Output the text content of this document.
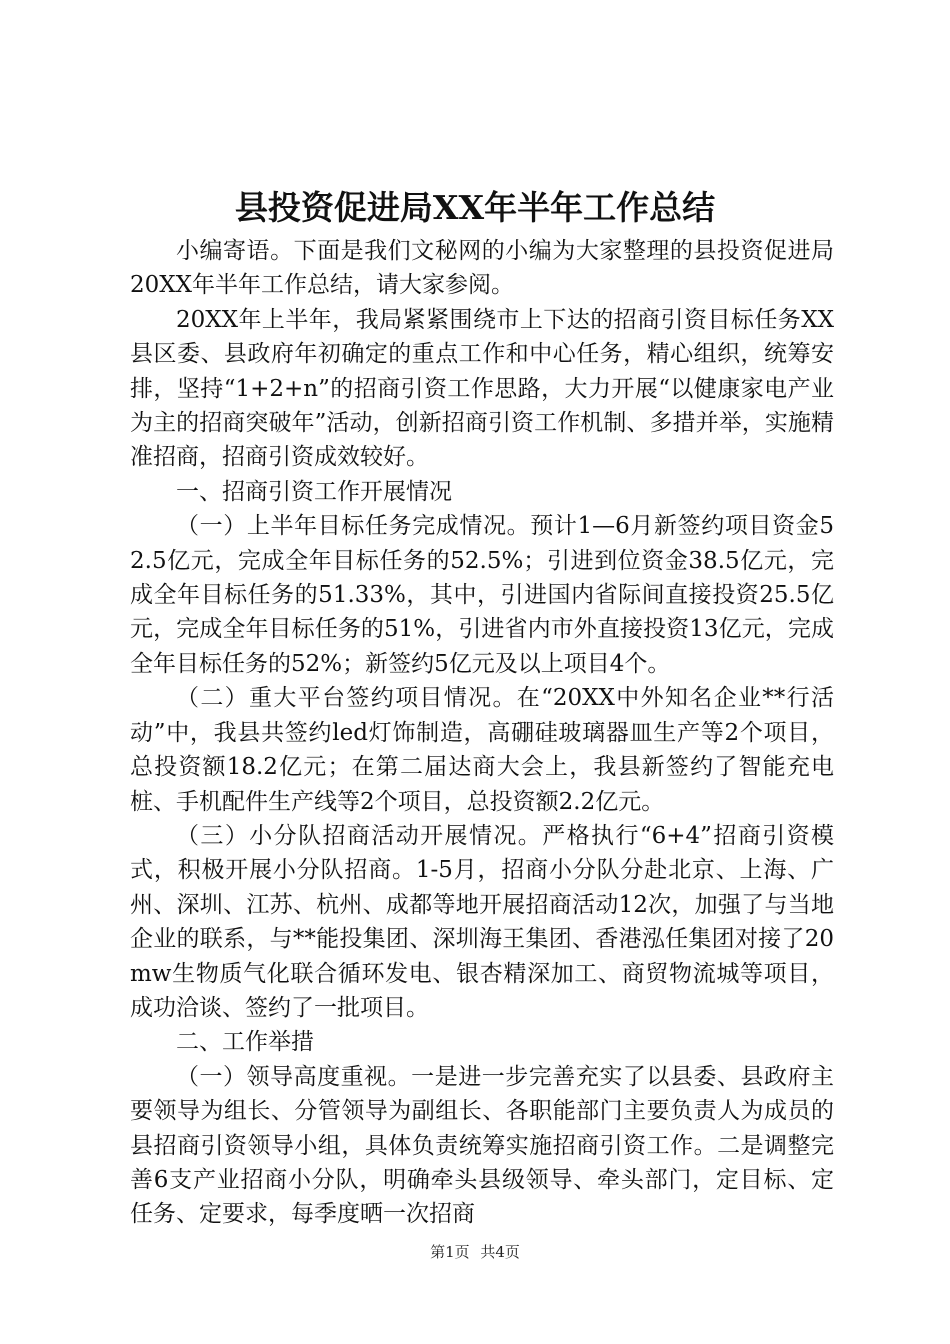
县投资促进局XX年半年工作总结

小编寄语。下面是我们文秘网的小编为大家整理的县投资促进局20XX年半年工作总结，请大家参阅。

20XX年上半年，我局紧紧围绕市上下达的招商引资目标任务XX县区委、县政府年初确定的重点工作和中心任务，精心组织，统筹安排，坚持“1+2+n”的招商引资工作思路，大力开展“以健康家电产业为主的招商突破年”活动，创新招商引资工作机制、多措并举，实施精准招商，招商引资成效较好。

一、招商引资工作开展情况

（一）上半年目标任务完成情况。预计1—6月新签约项目资金52.5亿元，完成全年目标任务的52.5%；引进到位资金38.5亿元，完成全年目标任务的51.33%，其中，引进国内省际间直接投资25.5亿元，完成全年目标任务的51%，引进省内市外直接投资13亿元，完成全年目标任务的52%；新签约5亿元及以上项目4个。

（二）重大平台签约项目情况。在“20XX中外知名企业**行活动”中，我县共签约led灯饰制造，高硼硅玻璃器皿生产等2个项目，总投资额18.2亿元；在第二届达商大会上，我县新签约了智能充电桩、手机配件生产线等2个项目，总投资额2.2亿元。

（三）小分队招商活动开展情况。严格执行“6+4”招商引资模式，积极开展小分队招商。1-5月，招商小分队分赴北京、上海、广州、深圳、江苏、杭州、成都等地开展招商活动12次，加强了与当地企业的联系，与**能投集团、深圳海王集团、香港泓任集团对接了20mw生物质气化联合循环发电、银杏精深加工、商贸物流城等项目，成功洽谈、签约了一批项目。

二、工作举措

（一）领导高度重视。一是进一步完善充实了以县委、县政府主要领导为组长、分管领导为副组长、各职能部门主要负责人为成员的县招商引资领导小组，具体负责统筹实施招商引资工作。二是调整完善6支产业招商小分队，明确牵头县级领导、牵头部门，定目标、定任务、定要求，每季度晒一次招商

第1页 共4页
